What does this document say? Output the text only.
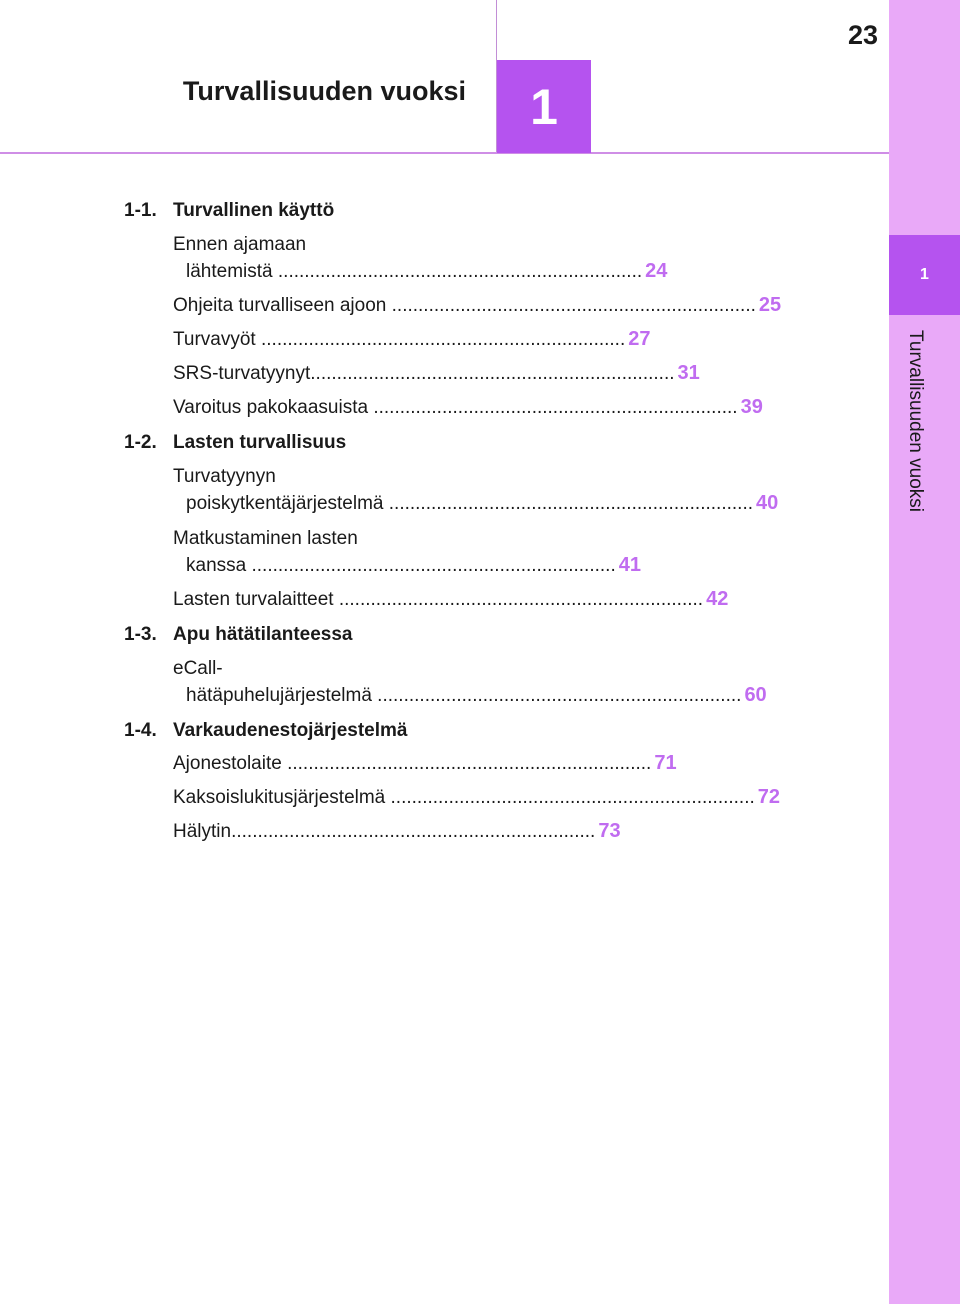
1
Turvallisuuden vuoksi
23
1
Turvallisuuden vuoksi
1-1. Turvallinen käyttö
Ennen ajamaan
lähtemistä ..................................................................... 24
Ohjeita turvalliseen ajoon ..................................................................... 25
Turvavyöt ..................................................................... 27
SRS-turvatyynyt..................................................................... 31
Varoitus pakokaasuista ..................................................................... 39
1-2. Lasten turvallisuus
Turvatyynyn
poiskytkentäjärjestelmä ..................................................................... 40
Matkustaminen lasten
kanssa ..................................................................... 41
Lasten turvalaitteet ..................................................................... 42
1-3. Apu hätätilanteessa
eCall-
hätäpuhelujärjestelmä ..................................................................... 60
1-4. Varkaudenestojärjestelmä
Ajonestolaite ..................................................................... 71
Kaksoislukitusjärjestelmä ..................................................................... 72
Hälytin..................................................................... 73
